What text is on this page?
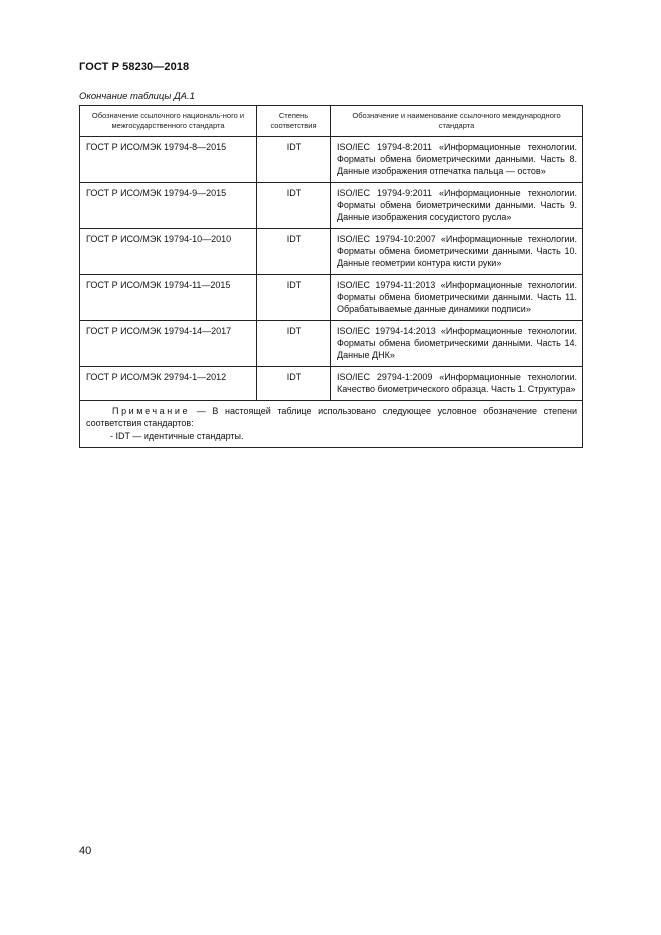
ГОСТ Р 58230—2018
Окончание таблицы ДА.1
Обозначение ссылочного националь-ного и межгосударственного стандарта	Степень соответствия	Обозначение и наименование ссылочного международного стандарта
ГОСТ Р ИСО/МЭК 19794-8—2015	IDT	ISO/IEC 19794-8:2011 «Информационные технологии. Форматы обмена биометрическими данными. Часть 8. Данные изображения отпечатка пальца — остов»
ГОСТ Р ИСО/МЭК 19794-9—2015	IDT	ISO/IEC 19794-9:2011 «Информационные технологии. Форматы обмена биометрическими данными. Часть 9. Данные изображения сосудистого русла»
ГОСТ Р ИСО/МЭК 19794-10—2010	IDT	ISO/IEC 19794-10:2007 «Информационные технологии. Форматы обмена биометрическими данными. Часть 10. Данные геометрии контура кисти руки»
ГОСТ Р ИСО/МЭК 19794-11—2015	IDT	ISO/IEC 19794-11:2013 «Информационные технологии. Форматы обмена биометрическими данными. Часть 11. Обрабатываемые данные динамики подписи»
ГОСТ Р ИСО/МЭК 19794-14—2017	IDT	ISO/IEC 19794-14:2013 «Информационные технологии. Форматы обмена биометрическими данными. Часть 14. Данные ДНК»
ГОСТ Р ИСО/МЭК 29794-1—2012	IDT	ISO/IEC 29794-1:2009 «Информационные технологии. Качество биометрического образца. Часть 1. Структура»

Примечание — В настоящей таблице использовано следующее условное обозначение степени соответствия стандартов:
- IDT — идентичные стандарты.		
40
